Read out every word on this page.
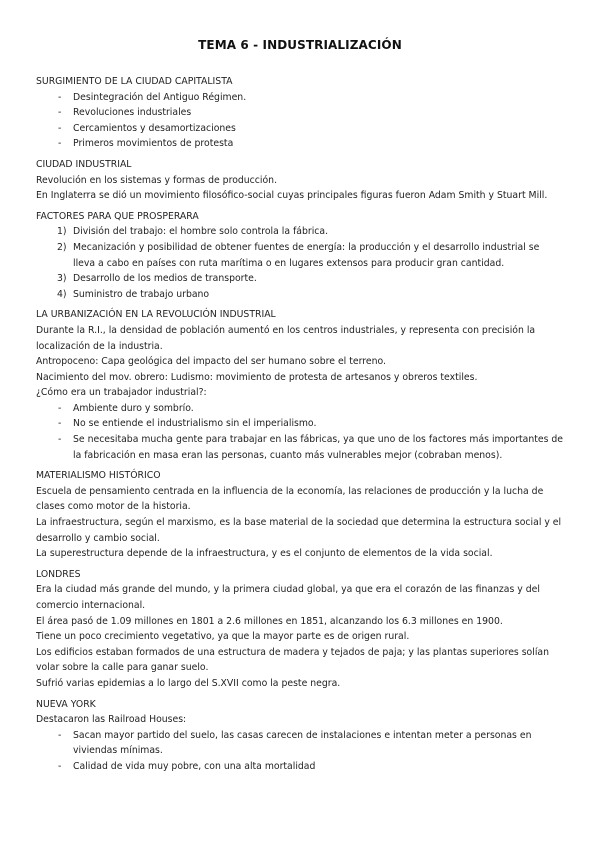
TEMA 6 - INDUSTRIALIZACIÓN
SURGIMIENTO DE LA CIUDAD CAPITALISTA
- Desintegración del Antiguo Régimen.
- Revoluciones industriales
- Cercamientos y desamortizaciones
- Primeros movimientos de protesta
CIUDAD INDUSTRIAL

Revolución en los sistemas y formas de producción.

En Inglaterra se dió un movimiento filosófico-social cuyas principales figuras fueron Adam Smith y Stuart Mill.

FACTORES PARA QUE PROSPERARA
1) División del trabajo: el hombre solo controla la fábrica.
2) Mecanización y posibilidad de obtener fuentes de energía: la producción y el desarrollo industrial se lleva a cabo en países con ruta marítima o en lugares extensos para producir gran cantidad.
3) Desarrollo de los medios de transporte.
4) Suministro de trabajo urbano
LA URBANIZACIÓN EN LA REVOLUCIÓN INDUSTRIAL

Durante la R.I., la densidad de población aumentó en los centros industriales, y representa con precisión la localización de la industria.

Antropoceno: Capa geológica del impacto del ser humano sobre el terreno.

Nacimiento del mov. obrero: Ludismo: movimiento de protesta de artesanos y obreros textiles.

¿Cómo era un trabajador industrial?:

- Ambiente duro y sombrío.
- No se entiende el industrialismo sin el imperialismo.
- Se necesitaba mucha gente para trabajar en las fábricas, ya que uno de los factores más importantes de la fabricación en masa eran las personas, cuanto más vulnerables mejor (cobraban menos).
MATERIALISMO HISTÓRICO

Escuela de pensamiento centrada en la influencia de la economía, las relaciones de producción y la lucha de clases como motor de la historia.

La infraestructura, según el marxismo, es la base material de la sociedad que determina la estructura social y el desarrollo y cambio social.

La superestructura depende de la infraestructura, y es el conjunto de elementos de la vida social.

LONDRES

Era la ciudad más grande del mundo, y la primera ciudad global, ya que era el corazón de las finanzas y del comercio internacional.

El área pasó de 1.09 millones en 1801 a 2.6 millones en 1851, alcanzando los 6.3 millones en 1900.

Tiene un poco crecimiento vegetativo, ya que la mayor parte es de origen rural.

Los edificios estaban formados de una estructura de madera y tejados de paja; y las plantas superiores solían volar sobre la calle para ganar suelo.

Sufrió varias epidemias a lo largo del S.XVII como la peste negra.

NUEVA YORK

Destacaron las Railroad Houses:

- Sacan mayor partido del suelo, las casas carecen de instalaciones e intentan meter a personas en viviendas mínimas.
- Calidad de vida muy pobre, con una alta mortalidad
